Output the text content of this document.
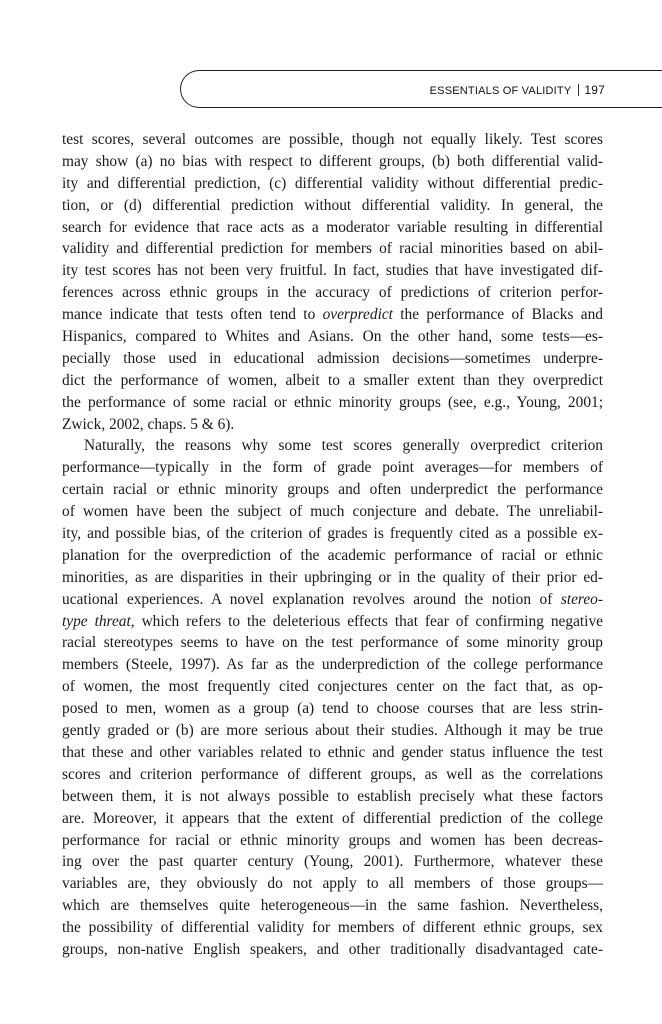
ESSENTIALS OF VALIDITY 197
test scores, several outcomes are possible, though not equally likely. Test scores
may show (a) no bias with respect to different groups, (b) both differential valid-
ity and differential prediction, (c) differential validity without differential predic-
tion, or (d) differential prediction without differential validity. In general, the
search for evidence that race acts as a moderator variable resulting in differential
validity and differential prediction for members of racial minorities based on abil-
ity test scores has not been very fruitful. In fact, studies that have investigated dif-
ferences across ethnic groups in the accuracy of predictions of criterion perfor-
mance indicate that tests often tend to overpredict the performance of Blacks and
Hispanics, compared to Whites and Asians. On the other hand, some tests—es-
pecially those used in educational admission decisions—sometimes underpre-
dict the performance of women, albeit to a smaller extent than they overpredict
the performance of some racial or ethnic minority groups (see, e.g., Young, 2001;
Zwick, 2002, chaps. 5 & 6).
Naturally, the reasons why some test scores generally overpredict criterion
performance—typically in the form of grade point averages—for members of
certain racial or ethnic minority groups and often underpredict the performance
of women have been the subject of much conjecture and debate. The unreliabil-
ity, and possible bias, of the criterion of grades is frequently cited as a possible ex-
planation for the overprediction of the academic performance of racial or ethnic
minorities, as are disparities in their upbringing or in the quality of their prior ed-
ucational experiences. A novel explanation revolves around the notion of stereo-
type threat, which refers to the deleterious effects that fear of confirming negative
racial stereotypes seems to have on the test performance of some minority group
members (Steele, 1997). As far as the underprediction of the college performance
of women, the most frequently cited conjectures center on the fact that, as op-
posed to men, women as a group (a) tend to choose courses that are less strin-
gently graded or (b) are more serious about their studies. Although it may be true
that these and other variables related to ethnic and gender status influence the test
scores and criterion performance of different groups, as well as the correlations
between them, it is not always possible to establish precisely what these factors
are. Moreover, it appears that the extent of differential prediction of the college
performance for racial or ethnic minority groups and women has been decreas-
ing over the past quarter century (Young, 2001). Furthermore, whatever these
variables are, they obviously do not apply to all members of those groups—
which are themselves quite heterogeneous—in the same fashion. Nevertheless,
the possibility of differential validity for members of different ethnic groups, sex
groups, non-native English speakers, and other traditionally disadvantaged cate-
